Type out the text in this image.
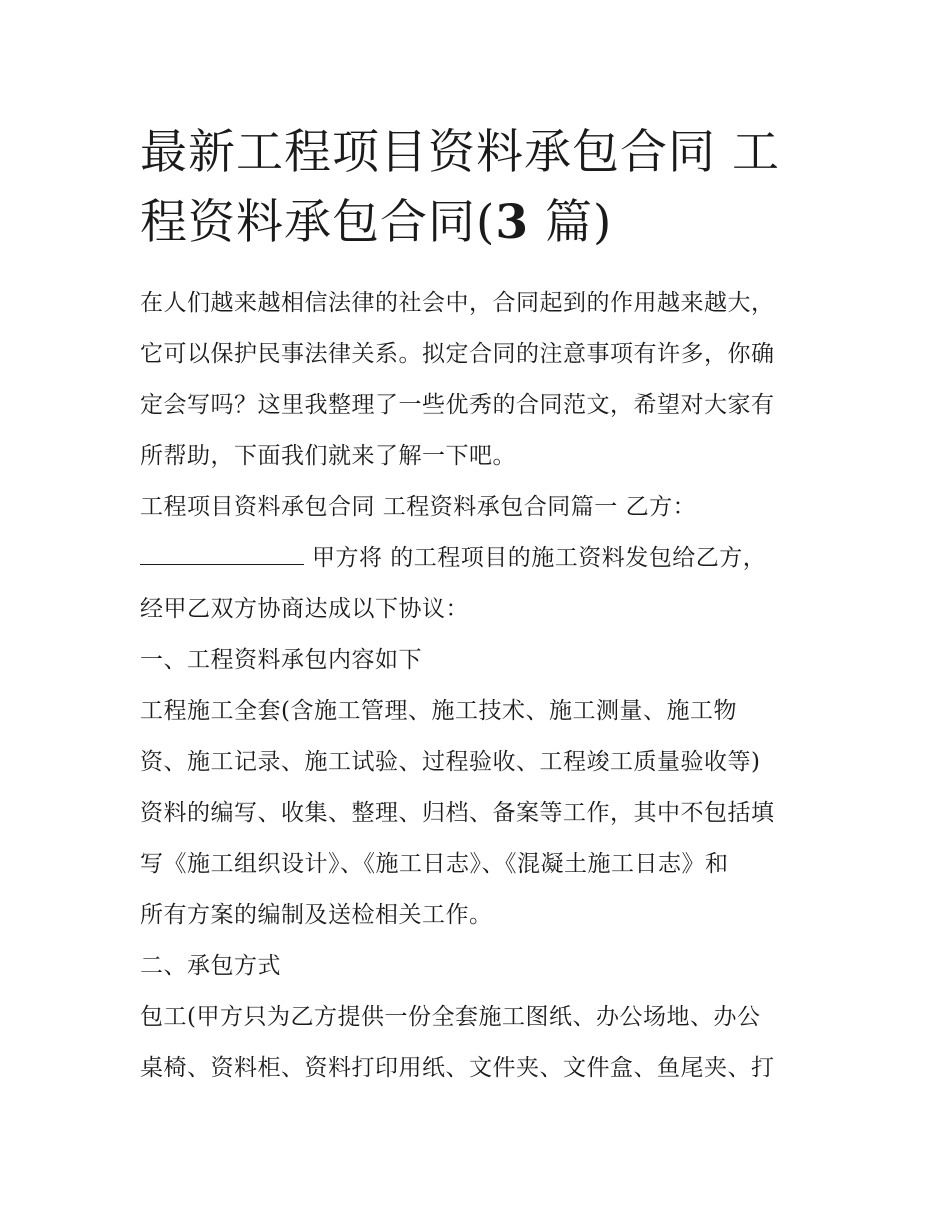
最新工程项目资料承包合同 工
程资料承包合同(3 篇)

在人们越来越相信法律的社会中，合同起到的作用越来越大，
它可以保护民事法律关系。拟定合同的注意事项有许多，你确
定会写吗？这里我整理了一些优秀的合同范文，希望对大家有
所帮助，下面我们就来了解一下吧。

工程项目资料承包合同 工程资料承包合同篇一 乙方：

甲方将 的工程项目的施工资料发包给乙方，
经甲乙双方协商达成以下协议：

一、工程资料承包内容如下

工程施工全套(含施工管理、施工技术、施工测量、施工物
资、施工记录、施工试验、过程验收、工程竣工质量验收等)
资料的编写、收集、整理、归档、备案等工作，其中不包括填
写《施工组织设计》、《施工日志》、《混凝土施工日志》和
所有方案的编制及送检相关工作。

二、承包方式

包工(甲方只为乙方提供一份全套施工图纸、办公场地、办公
桌椅、资料柜、资料打印用纸、文件夹、文件盒、鱼尾夹、打
